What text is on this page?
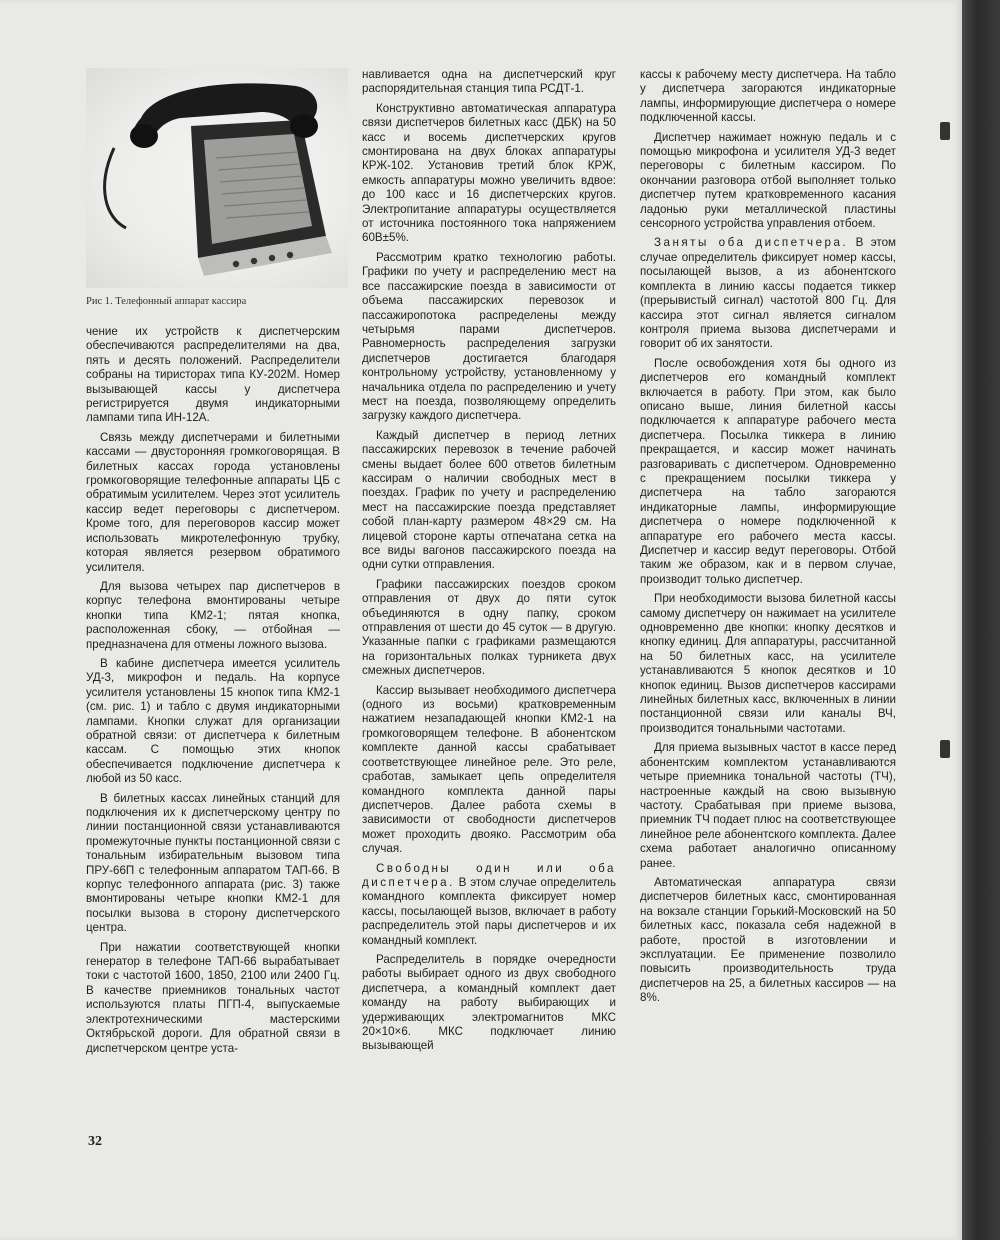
Рис 1. Телефонный аппарат кассира

чение их устройств к диспетчерским обеспечиваются распределителями на два, пять и десять положений. Распределители собраны на тиристорах типа КУ-202М. Номер вызывающей кассы у диспетчера регистрируется двумя индикаторными лампами типа ИН-12А.

Связь между диспетчерами и билетными кассами — двусторонняя громкоговорящая. В билетных кассах города установлены громкоговорящие телефонные аппараты ЦБ с обратимым усилителем. Через этот усилитель кассир ведет переговоры с диспетчером. Кроме того, для переговоров кассир может использовать микротелефонную трубку, которая является резервом обратимого усилителя.

Для вызова четырех пар диспетчеров в корпус телефона вмонтированы четыре кнопки типа КМ2-1; пятая кнопка, расположенная сбоку, — отбойная — предназначена для отмены ложного вызова.

В кабине диспетчера имеется усилитель УД-3, микрофон и педаль. На корпусе усилителя установлены 15 кнопок типа КМ2-1 (см. рис. 1) и табло с двумя индикаторными лампами. Кнопки служат для организации обратной связи: от диспетчера к билетным кассам. С помощью этих кнопок обеспечивается подключение диспетчера к любой из 50 касс.

В билетных кассах линейных станций для подключения их к диспетчерскому центру по линии постанционной связи устанавливаются промежуточные пункты постанционной связи с тональным избирательным вызовом типа ПРУ-66П с телефонным аппаратом ТАП-66. В корпус телефонного аппарата (рис. 3) также вмонтированы четыре кнопки КМ2-1 для посылки вызова в сторону диспетчерского центра.

При нажатии соответствующей кнопки генератор в телефоне ТАП-66 вырабатывает токи с частотой 1600, 1850, 2100 или 2400 Гц. В качестве приемников тональных частот используются платы ПГП-4, выпускаемые электротехническими мастерскими Октябрьской дороги. Для обратной связи в диспетчерском центре уста-

навливается одна на диспетчерский круг распорядительная станция типа РСДТ-1.

Конструктивно автоматическая аппаратура связи диспетчеров билетных касс (ДБК) на 50 касс и восемь диспетчерских кругов смонтирована на двух блоках аппаратуры КРЖ-102. Установив третий блок КРЖ, емкость аппаратуры можно увеличить вдвое: до 100 касс и 16 диспетчерских кругов. Электропитание аппаратуры осуществляется от источника постоянного тока напряжением 60В±5%.

Рассмотрим кратко технологию работы. Графики по учету и распределению мест на все пассажирские поезда в зависимости от объема пассажирских перевозок и пассажиропотока распределены между четырьмя парами диспетчеров. Равномерность распределения загрузки диспетчеров достигается благодаря контрольному устройству, установленному у начальника отдела по распределению и учету мест на поезда, позволяющему определить загрузку каждого диспетчера.

Каждый диспетчер в период летних пассажирских перевозок в течение рабочей смены выдает более 600 ответов билетным кассирам о наличии свободных мест в поездах. График по учету и распределению мест на пассажирские поезда представляет собой план-карту размером 48×29 см. На лицевой стороне карты отпечатана сетка на все виды вагонов пассажирского поезда на одни сутки отправления.

Графики пассажирских поездов сроком отправления от двух до пяти суток объединяются в одну папку, сроком отправления от шести до 45 суток — в другую. Указанные папки с графиками размещаются на горизонтальных полках турникета двух смежных диспетчеров.

Кассир вызывает необходимого диспетчера (одного из восьми) кратковременным нажатием незападающей кнопки КМ2-1 на громкоговорящем телефоне. В абонентском комплекте данной кассы срабатывает соответствующее линейное реле. Это реле, сработав, замыкает цепь определителя командного комплекта данной пары диспетчеров. Далее работа схемы в зависимости от свободности диспетчеров может проходить двояко. Рассмотрим оба случая.

Свободны один или оба диспетчера. В этом случае определитель командного комплекта фиксирует номер кассы, посылающей вызов, включает в работу распределитель этой пары диспетчеров и их командный комплект.

Распределитель в порядке очередности работы выбирает одного из двух свободного диспетчера, а командный комплект дает команду на работу выбирающих и удерживающих электромагнитов МКС 20×10×6. МКС подключает линию вызывающей

кассы к рабочему месту диспетчера. На табло у диспетчера загораются индикаторные лампы, информирующие диспетчера о номере подключенной кассы.

Диспетчер нажимает ножную педаль и с помощью микрофона и усилителя УД-3 ведет переговоры с билетным кассиром. По окончании разговора отбой выполняет только диспетчер путем кратковременного касания ладонью руки металлической пластины сенсорного устройства управления отбоем.

Заняты оба диспетчера. В этом случае определитель фиксирует номер кассы, посылающей вызов, а из абонентского комплекта в линию кассы подается тиккер (прерывистый сигнал) частотой 800 Гц. Для кассира этот сигнал является сигналом контроля приема вызова диспетчерами и говорит об их занятости.

После освобождения хотя бы одного из диспетчеров его командный комплект включается в работу. При этом, как было описано выше, линия билетной кассы подключается к аппаратуре рабочего места диспетчера. Посылка тиккера в линию прекращается, и кассир может начинать разговаривать с диспетчером. Одновременно с прекращением посылки тиккера у диспетчера на табло загораются индикаторные лампы, информирующие диспетчера о номере подключенной к аппаратуре его рабочего места кассы. Диспетчер и кассир ведут переговоры. Отбой таким же образом, как и в первом случае, производит только диспетчер.

При необходимости вызова билетной кассы самому диспетчеру он нажимает на усилителе одновременно две кнопки: кнопку десятков и кнопку единиц. Для аппаратуры, рассчитанной на 50 билетных касс, на усилителе устанавливаются 5 кнопок десятков и 10 кнопок единиц. Вызов диспетчеров кассирами линейных билетных касс, включенных в линии постанционной связи или каналы ВЧ, производится тональными частотами.

Для приема вызывных частот в кассе перед абонентским комплектом устанавливаются четыре приемника тональной частоты (ТЧ), настроенные каждый на свою вызывную частоту. Срабатывая при приеме вызова, приемник ТЧ подает плюс на соответствующее линейное реле абонентского комплекта. Далее схема работает аналогично описанному ранее.

Автоматическая аппаратура связи диспетчеров билетных касс, смонтированная на вокзале станции Горький-Московский на 50 билетных касс, показала себя надежной в работе, простой в изготовлении и эксплуатации. Ее применение позволило повысить производительность труда диспетчеров на 25, а билетных кассиров — на 8%.

32
